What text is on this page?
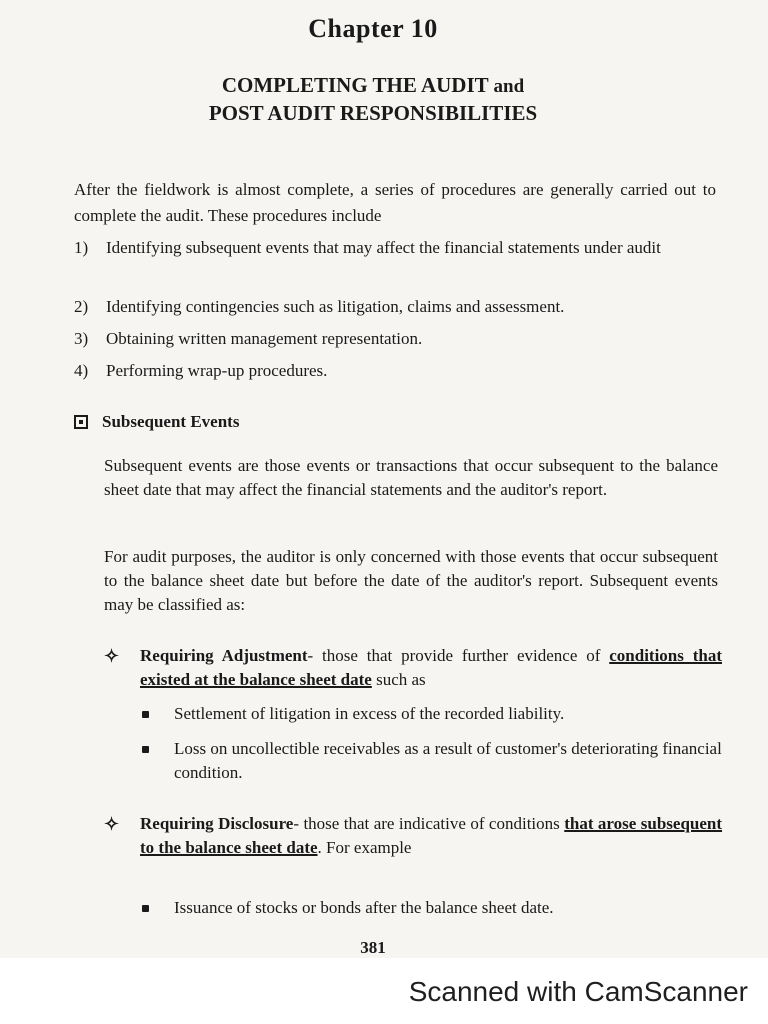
Chapter 10
COMPLETING THE AUDIT and
POST AUDIT RESPONSIBILITIES
After the fieldwork is almost complete, a series of procedures are generally carried out to complete the audit. These procedures include
1)	Identifying subsequent events that may affect the financial statements under audit
2)	Identifying contingencies such as litigation, claims and assessment.
3)	Obtaining written management representation.
4)	Performing wrap-up procedures.
Subsequent Events
Subsequent events are those events or transactions that occur subsequent to the balance sheet date that may affect the financial statements and the auditor's report.
For audit purposes, the auditor is only concerned with those events that occur subsequent to the balance sheet date but before the date of the auditor's report. Subsequent events may be classified as:
✧ Requiring Adjustment- those that provide further evidence of conditions that existed at the balance sheet date such as
Settlement of litigation in excess of the recorded liability.
Loss on uncollectible receivables as a result of customer's deteriorating financial condition.
✧ Requiring Disclosure- those that are indicative of conditions that arose subsequent to the balance sheet date. For example
Issuance of stocks or bonds after the balance sheet date.
381
Scanned with CamScanner
